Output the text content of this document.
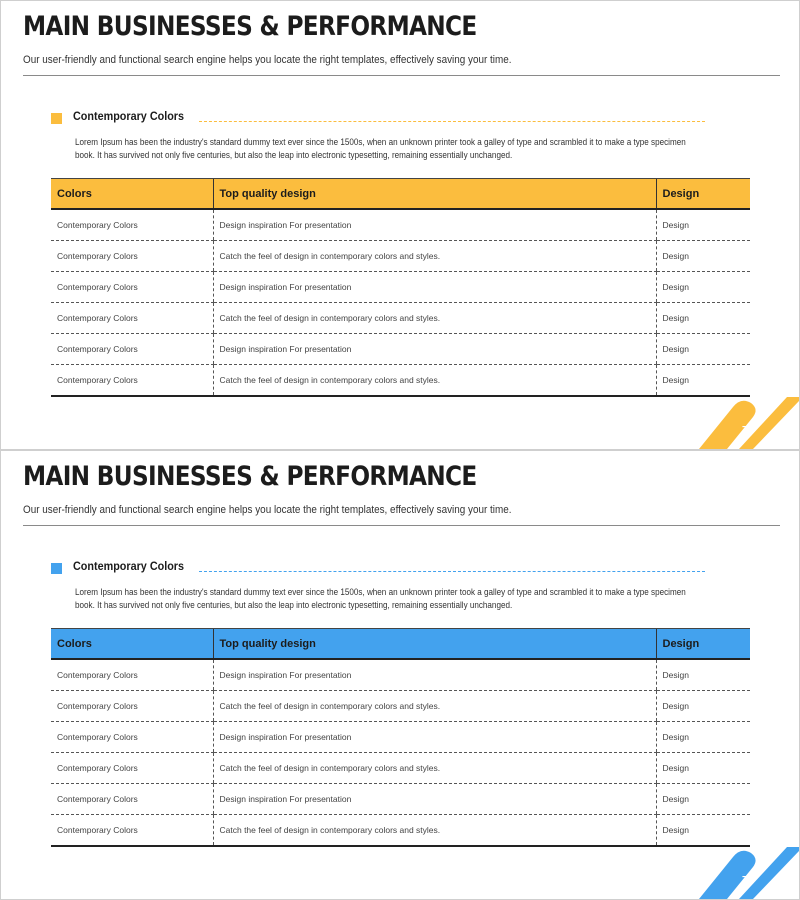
MAIN BUSINESSES & PERFORMANCE
Our user-friendly and functional search engine helps you locate the right templates, effectively saving your time.
Contemporary Colors

Lorem Ipsum has been the industry's standard dummy text ever since the 1500s, when an unknown printer took a galley of type and scrambled it to make a type specimen book. It has survived not only five centuries, but also the leap into electronic typesetting, remaining essentially unchanged.

Colors	Top quality design	Design
Contemporary Colors	Design inspiration For presentation	Design
Contemporary Colors	Catch the feel of design in contemporary colors and styles.	Design
Contemporary Colors	Design inspiration For presentation	Design
Contemporary Colors	Catch the feel of design in contemporary colors and styles.	Design
Contemporary Colors	Design inspiration For presentation	Design
Contemporary Colors	Catch the feel of design in contemporary colors and styles.	Design
7
MAIN BUSINESSES & PERFORMANCE
Our user-friendly and functional search engine helps you locate the right templates, effectively saving your time.
Contemporary Colors

Lorem Ipsum has been the industry's standard dummy text ever since the 1500s, when an unknown printer took a galley of type and scrambled it to make a type specimen book. It has survived not only five centuries, but also the leap into electronic typesetting, remaining essentially unchanged.

Colors	Top quality design	Design
Contemporary Colors	Design inspiration For presentation	Design
Contemporary Colors	Catch the feel of design in contemporary colors and styles.	Design
Contemporary Colors	Design inspiration For presentation	Design
Contemporary Colors	Catch the feel of design in contemporary colors and styles.	Design
Contemporary Colors	Design inspiration For presentation	Design
Contemporary Colors	Catch the feel of design in contemporary colors and styles.	Design
7
